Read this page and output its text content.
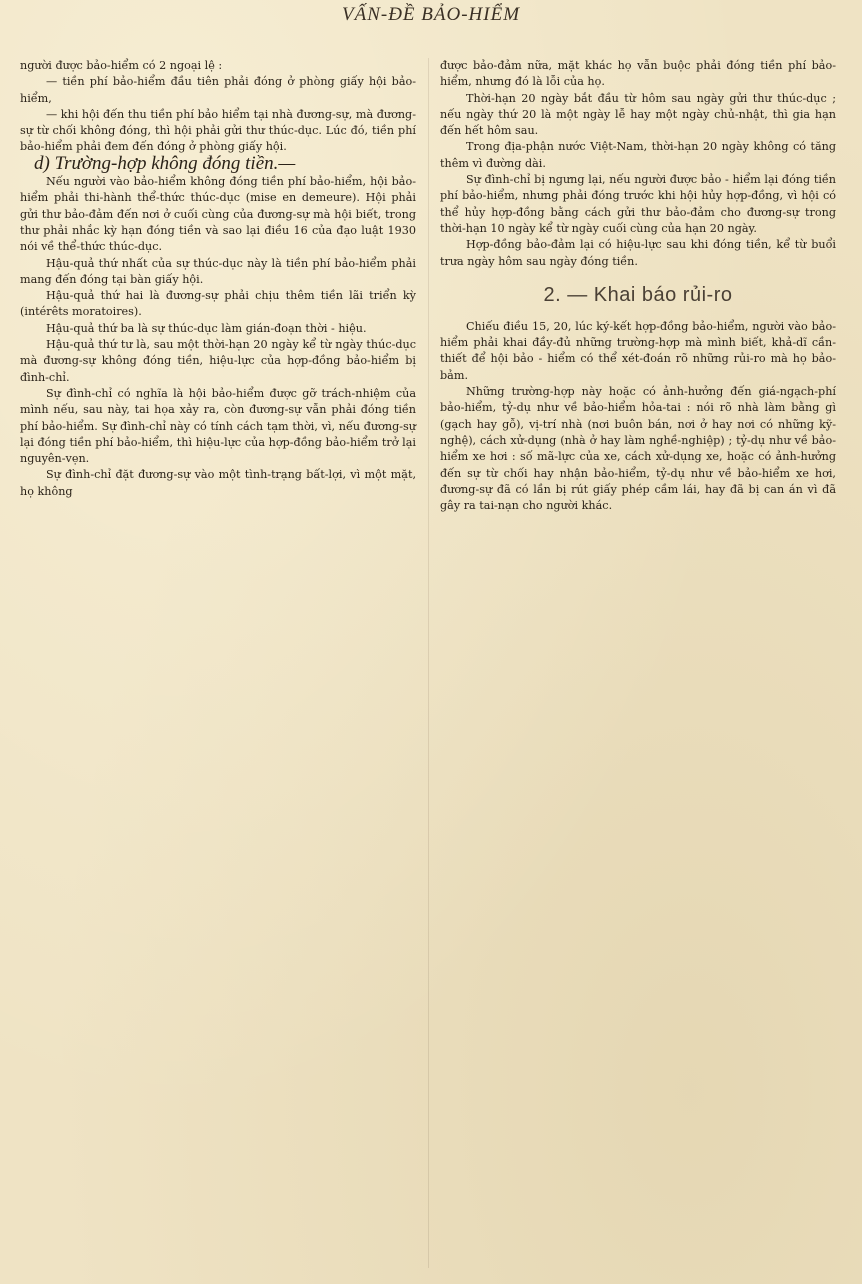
VẤN-ĐỀ BẢO-HIỂM
người được bảo-hiểm có 2 ngoại lệ :
— tiền phí bảo-hiểm đầu tiên phải đóng ở phòng giấy hội bảo-hiểm,
— khi hội đến thu tiền phí bảo hiểm tại nhà đương-sự, mà đương-sự từ chối không đóng, thì hội phải gửi thư thúc-dục. Lúc đó, tiền phí bảo-hiểm phải đem đến đóng ở phòng giấy hội.
d) Trường-hợp không đóng tiền.—
Nếu người vào bảo-hiểm không đóng tiền phí bảo-hiểm, hội bảo-hiểm phải thi-hành thể-thức thúc-dục (mise en demeure). Hội phải gửi thư bảo-đảm đến nơi ở cuối cùng của đương-sự mà hội biết, trong thư phải nhắc kỳ hạn đóng tiền và sao lại điều 16 của đạo luật 1930 nói về thể-thức thúc-dục.
Hậu-quả thứ nhất của sự thúc-dục này là tiền phí bảo-hiểm phải mang đến đóng tại bàn giấy hội.
Hậu-quả thứ hai là đương-sự phải chịu thêm tiền lãi triển kỳ (intérêts moratoires).
Hậu-quả thứ ba là sự thúc-dục làm gián-đoạn thời - hiệu.
Hậu-quả thứ tư là, sau một thời-hạn 20 ngày kể từ ngày thúc-dục mà đương-sự không đóng tiền, hiệu-lực của hợp-đồng bảo-hiểm bị đình-chỉ.
Sự đình-chỉ có nghĩa là hội bảo-hiểm được gỡ trách-nhiệm của mình nếu, sau này, tai họa xảy ra, còn đương-sự vẫn phải đóng tiền phí bảo-hiểm. Sự đình-chỉ này có tính cách tạm thời, vì, nếu đương-sự lại đóng tiền phí bảo-hiểm, thì hiệu-lực của hợp-đồng bảo-hiểm trở lại nguyên-vẹn.
Sự đình-chỉ đặt đương-sự vào một tình-trạng bất-lợi, vì một mặt, họ không
được bảo-đảm nữa, mặt khác họ vẫn buộc phải đóng tiền phí bảo-hiểm, nhưng đó là lỗi của họ.
Thời-hạn 20 ngày bắt đầu từ hôm sau ngày gửi thư thúc-dục ; nếu ngày thứ 20 là một ngày lễ hay một ngày chủ-nhật, thì gia hạn đến hết hôm sau.
Trong địa-phận nước Việt-Nam, thời-hạn 20 ngày không có tăng thêm vì đường dài.
Sự đình-chỉ bị ngưng lại, nếu người được bảo - hiểm lại đóng tiền phí bảo-hiểm, nhưng phải đóng trước khi hội hủy hợp-đồng, vì hội có thể hủy hợp-đồng bằng cách gửi thư bảo-đảm cho đương-sự trong thời-hạn 10 ngày kể từ ngày cuối cùng của hạn 20 ngày.
Hợp-đồng bảo-đảm lại có hiệu-lực sau khi đóng tiền, kể từ buổi trưa ngày hôm sau ngày đóng tiền.
2. — Khai báo rủi-ro
Chiếu điều 15, 20, lúc ký-kết hợp-đồng bảo-hiểm, người vào bảo-hiểm phải khai đầy-đủ những trường-hợp mà mình biết, khả-dĩ cần-thiết để hội bảo - hiểm có thể xét-đoán rõ những rủi-ro mà họ bảo-bảm.
Những trường-hợp này hoặc có ảnh-hưởng đến giá-ngạch-phí bảo-hiểm, tỷ-dụ như về bảo-hiểm hỏa-tai : nói rõ nhà làm bằng gì (gạch hay gỗ), vị-trí nhà (nơi buôn bán, nơi ở hay nơi có những kỹ-nghệ), cách xử-dụng (nhà ở hay làm nghề-nghiệp) ; tỷ-dụ như về bảo-hiểm xe hơi : số mã-lực của xe, cách xử-dụng xe, hoặc có ảnh-hưởng đến sự từ chối hay nhận bảo-hiểm, tỷ-dụ như về bảo-hiểm xe hơi, đương-sự đã có lần bị rút giấy phép cầm lái, hay đã bị can án vì đã gây ra tai-nạn cho người khác.
